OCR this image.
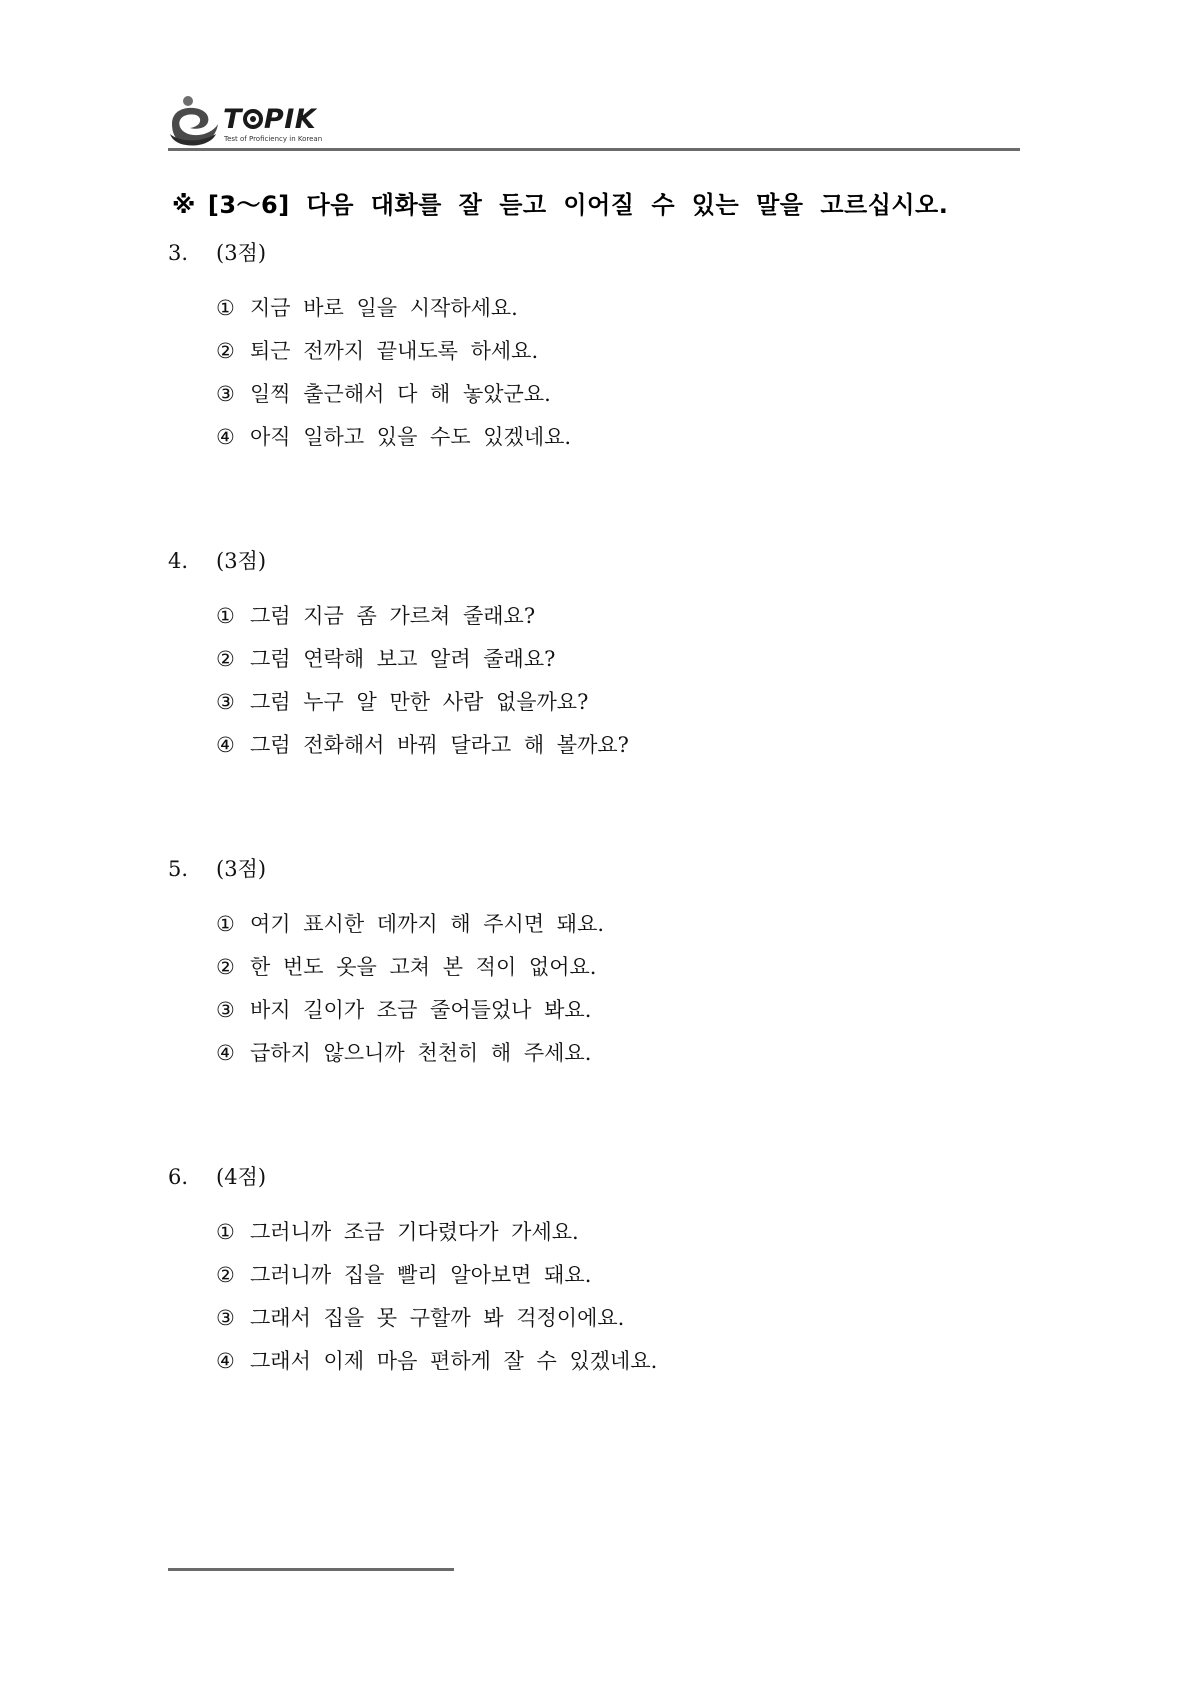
T PIK
Test of Proficiency in Korean
※ [3～6] 다음 대화를 잘 듣고 이어질 수 있는 말을 고르십시오.
3. (3점)
① 지금 바로 일을 시작하세요.
② 퇴근 전까지 끝내도록 하세요.
③ 일찍 출근해서 다 해 놓았군요.
④ 아직 일하고 있을 수도 있겠네요.
4. (3점)
① 그럼 지금 좀 가르쳐 줄래요?
② 그럼 연락해 보고 알려 줄래요?
③ 그럼 누구 알 만한 사람 없을까요?
④ 그럼 전화해서 바꿔 달라고 해 볼까요?
5. (3점)
① 여기 표시한 데까지 해 주시면 돼요.
② 한 번도 옷을 고쳐 본 적이 없어요.
③ 바지 길이가 조금 줄어들었나 봐요.
④ 급하지 않으니까 천천히 해 주세요.
6. (4점)
① 그러니까 조금 기다렸다가 가세요.
② 그러니까 집을 빨리 알아보면 돼요.
③ 그래서 집을 못 구할까 봐 걱정이에요.
④ 그래서 이제 마음 편하게 잘 수 있겠네요.
